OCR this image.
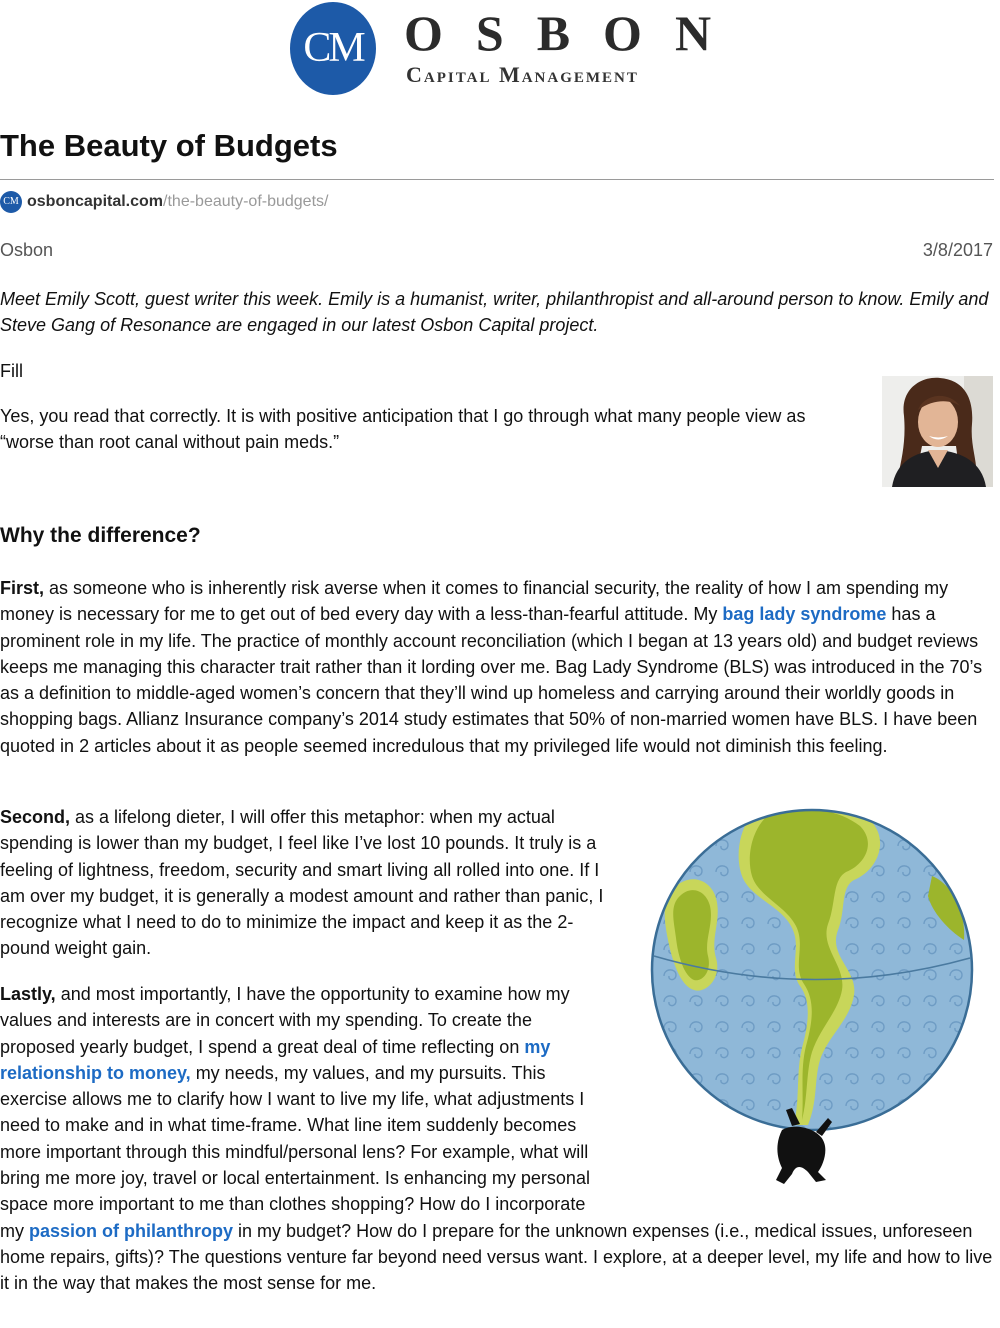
CM OSBON
Capital Management
The Beauty of Budgets
CM osboncapital.com /the-beauty-of-budgets/
Osbon	3/8/2017

Meet Emily Scott, guest writer this week. Emily is a humanist, writer, philanthropist and all-around person to know. Emily and Steve Gang of Resonance are engaged in our latest Osbon Capital project.

Fill

Yes, you read that correctly. It is with positive anticipation that I go through what many people view as “worse than root canal without pain meds.”

Why the difference?

First, as someone who is inherently risk averse when it comes to financial security, the reality of how I am spending my money is necessary for me to get out of bed every day with a less-than-fearful attitude. My bag lady syndrome has a prominent role in my life. The practice of monthly account reconciliation (which I began at 13 years old) and budget reviews keeps me managing this character trait rather than it lording over me. Bag Lady Syndrome (BLS) was introduced in the 70’s as a definition to middle-aged women’s concern that they’ll wind up homeless and carrying around their worldly goods in shopping bags. Allianz Insurance company’s 2014 study estimates that 50% of non-married women have BLS. I have been quoted in 2 articles about it as people seemed incredulous that my privileged life would not diminish this feeling.

Second, as a lifelong dieter, I will offer this metaphor: when my actual spending is lower than my budget, I feel like I’ve lost 10 pounds. It truly is a feeling of lightness, freedom, security and smart living all rolled into one. If I am over my budget, it is generally a modest amount and rather than panic, I recognize what I need to do to minimize the impact and keep it as the 2-pound weight gain.

Lastly, and most importantly, I have the opportunity to examine how my values and interests are in concert with my spending. To create the proposed yearly budget, I spend a great deal of time reflecting on my relationship to money, my needs, my values, and my pursuits. This exercise allows me to clarify how I want to live my life, what adjustments I need to make and in what time-frame. What line item suddenly becomes more important through this mindful/personal lens? For example, what will bring me more joy, travel or local entertainment. Is enhancing my personal space more important to me than clothes shopping? How do I incorporate my passion of philanthropy in my budget? How do I prepare for the unknown expenses (i.e., medical issues, unforeseen home repairs, gifts)? The questions venture far beyond need versus want. I explore, at a deeper level, my life and how to live it in the way that makes the most sense for me.
